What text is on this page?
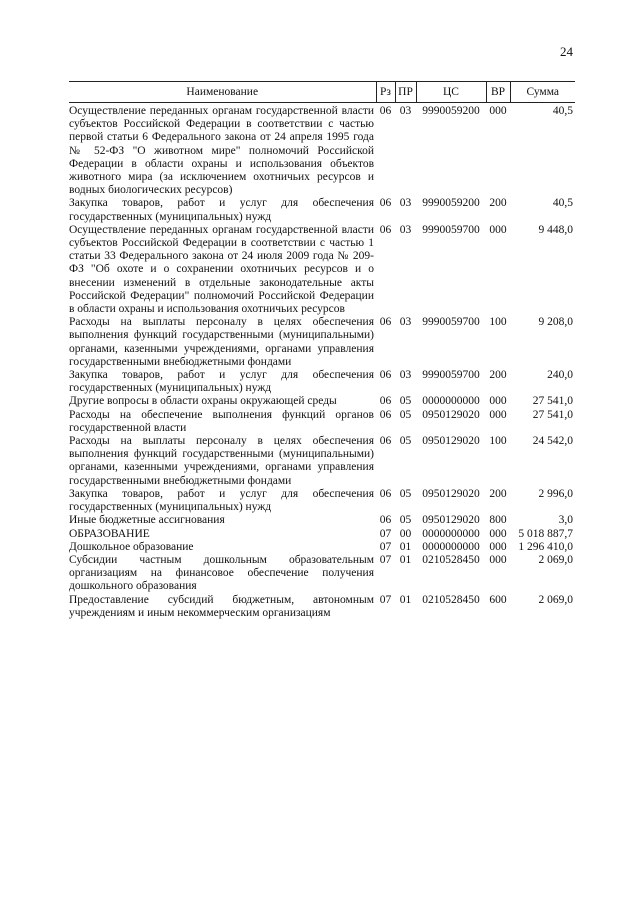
24
Наименование	Рз	ПР	ЦС	ВР	Сумма
Осуществление переданных органам государственной власти субъектов Российской Федерации в соответствии с частью первой статьи 6 Федерального закона от 24 апреля 1995 года № 52-ФЗ "О животном мире" полномочий Российской Федерации в области охраны и использования объектов животного мира (за исключением охотничьих ресурсов и водных биологических ресурсов)	06	03	9990059200	000	40,5
Закупка товаров, работ и услуг для обеспечения государственных (муниципальных) нужд	06	03	9990059200	200	40,5
Осуществление переданных органам государственной власти субъектов Российской Федерации в соответствии с частью 1 статьи 33 Федерального закона от 24 июля 2009 года № 209-ФЗ "Об охоте и о сохранении охотничьих ресурсов и о внесении изменений в отдельные законодательные акты Российской Федерации" полномочий Российской Федерации в области охраны и использования охотничьих ресурсов	06	03	9990059700	000	9 448,0
Расходы на выплаты персоналу в целях обеспечения выполнения функций государственными (муниципальными) органами, казенными учреждениями, органами управления государственными внебюджетными фондами	06	03	9990059700	100	9 208,0
Закупка товаров, работ и услуг для обеспечения государственных (муниципальных) нужд	06	03	9990059700	200	240,0
Другие вопросы в области охраны окружающей среды	06	05	0000000000	000	27 541,0
Расходы на обеспечение выполнения функций органов государственной власти	06	05	0950129020	000	27 541,0
Расходы на выплаты персоналу в целях обеспечения выполнения функций государственными (муниципальными) органами, казенными учреждениями, органами управления государственными внебюджетными фондами	06	05	0950129020	100	24 542,0
Закупка товаров, работ и услуг для обеспечения государственных (муниципальных) нужд	06	05	0950129020	200	2 996,0
Иные бюджетные ассигнования	06	05	0950129020	800	3,0
ОБРАЗОВАНИЕ	07	00	0000000000	000	5 018 887,7
Дошкольное образование	07	01	0000000000	000	1 296 410,0
Субсидии частным дошкольным образовательным организациям на финансовое обеспечение получения дошкольного образования	07	01	0210528450	000	2 069,0
Предоставление субсидий бюджетным, автономным учреждениям и иным некоммерческим организациям	07	01	0210528450	600	2 069,0
